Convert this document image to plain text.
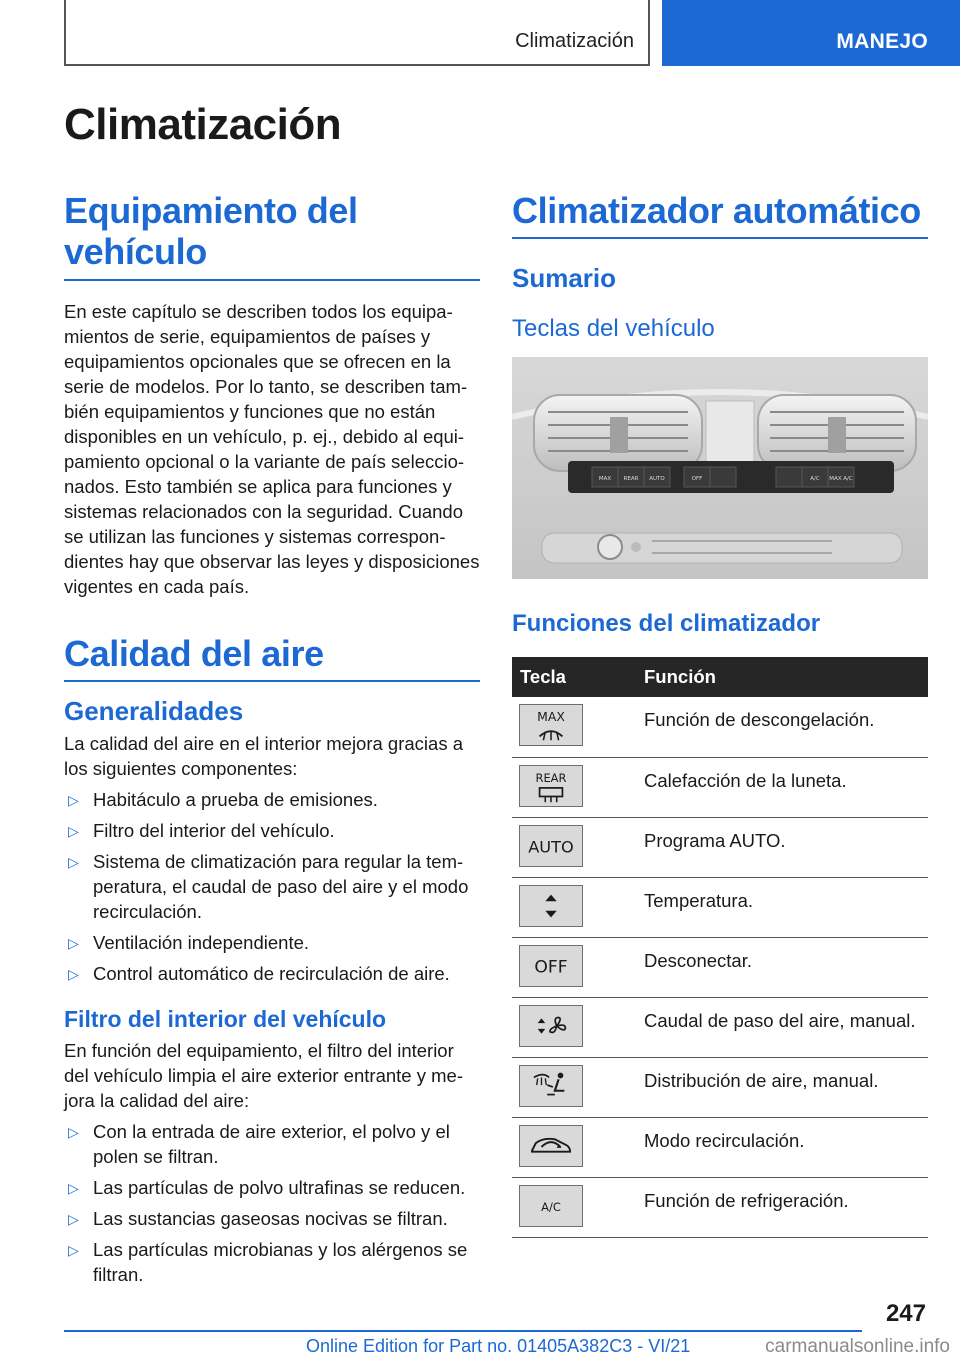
Climatización	MANEJO
Climatización
Equipamiento del vehículo

En este capítulo se describen todos los equipamientos de serie, equipamientos de países y equipamientos opcionales que se ofrecen en la serie de modelos. Por lo tanto, se describen también equipamientos y funciones que no están disponibles en un vehículo, p. ej., debido al equipamiento opcional o la variante de país seleccionados. Esto también se aplica para funciones y sistemas relacionados con la seguridad. Cuando se utilizan las funciones y sistemas correspondientes hay que observar las leyes y disposiciones vigentes en cada país.

Calidad del aire
Generalidades

La calidad del aire en el interior mejora gracias a los siguientes componentes:

▷ Habitáculo a prueba de emisiones.
▷ Filtro del interior del vehículo.
▷ Sistema de climatización para regular la temperatura, el caudal de paso del aire y el modo recirculación.
▷ Ventilación independiente.
▷ Control automático de recirculación de aire.
Filtro del interior del vehículo

En función del equipamiento, el filtro del interior del vehículo limpia el aire exterior entrante y mejora la calidad del aire:

▷ Con la entrada de aire exterior, el polvo y el polen se filtran.
▷ Las partículas de polvo ultrafinas se reducen.
▷ Las sustancias gaseosas nocivas se filtran.
▷ Las partículas microbianas y los alérgenos se filtran.
Climatizador automático
Sumario
Teclas del vehículo
MAX REAR AUTO	OFF	A/C MAX A/C
Funciones del climatizador
Tecla	Función

MAX	Función de descongelación.

REAR	Calefacción de la luneta.

AUTO	Programa AUTO.

	Temperatura.

OFF	Desconectar.

	Caudal de paso del aire, manual.

	Distribución de aire, manual.

	Modo recirculación.

A/C	Función de refrigeración.
247
Online Edition for Part no. 01405A382C3 - VI/21	carmanualsonline.info
